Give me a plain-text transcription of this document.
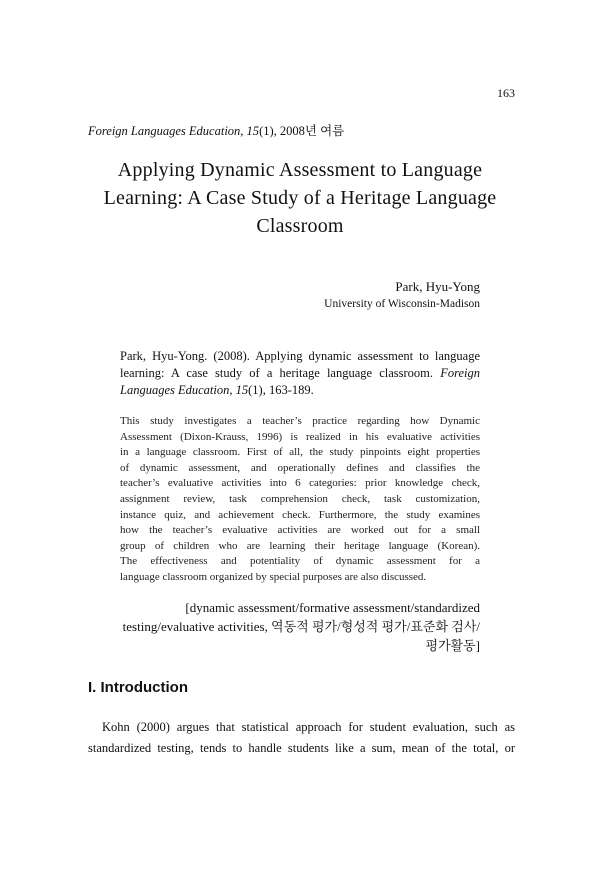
163
Foreign Languages Education, 15(1), 2008년 여름
Applying Dynamic Assessment to Language
Learning: A Case Study of a Heritage Language
Classroom
Park, Hyu-Yong
University of Wisconsin-Madison
Park, Hyu-Yong. (2008). Applying dynamic assessment to language
learning: A case study of a heritage language classroom. Foreign
Languages Education, 15(1), 163-189.
This study investigates a teacher’s practice regarding how Dynamic
Assessment (Dixon-Krauss, 1996) is realized in his evaluative activities
in a language classroom. First of all, the study pinpoints eight properties
of dynamic assessment, and operationally defines and classifies the
teacher’s evaluative activities into 6 categories: prior knowledge check,
assignment review, task comprehension check, task customization,
instance quiz, and achievement check. Furthermore, the study examines
how the teacher’s evaluative activities are worked out for a small
group of children who are learning their heritage language (Korean).
The effectiveness and potentiality of dynamic assessment for a
language classroom organized by special purposes are also discussed.
[dynamic assessment/formative assessment/standardized
testing/evaluative activities, 역동적 평가/형성적 평가/표준화 검사/
평가활동]
I. Introduction
Kohn (2000) argues that statistical approach for student evaluation, such as
standardized testing, tends to handle students like a sum, mean of the total, or
